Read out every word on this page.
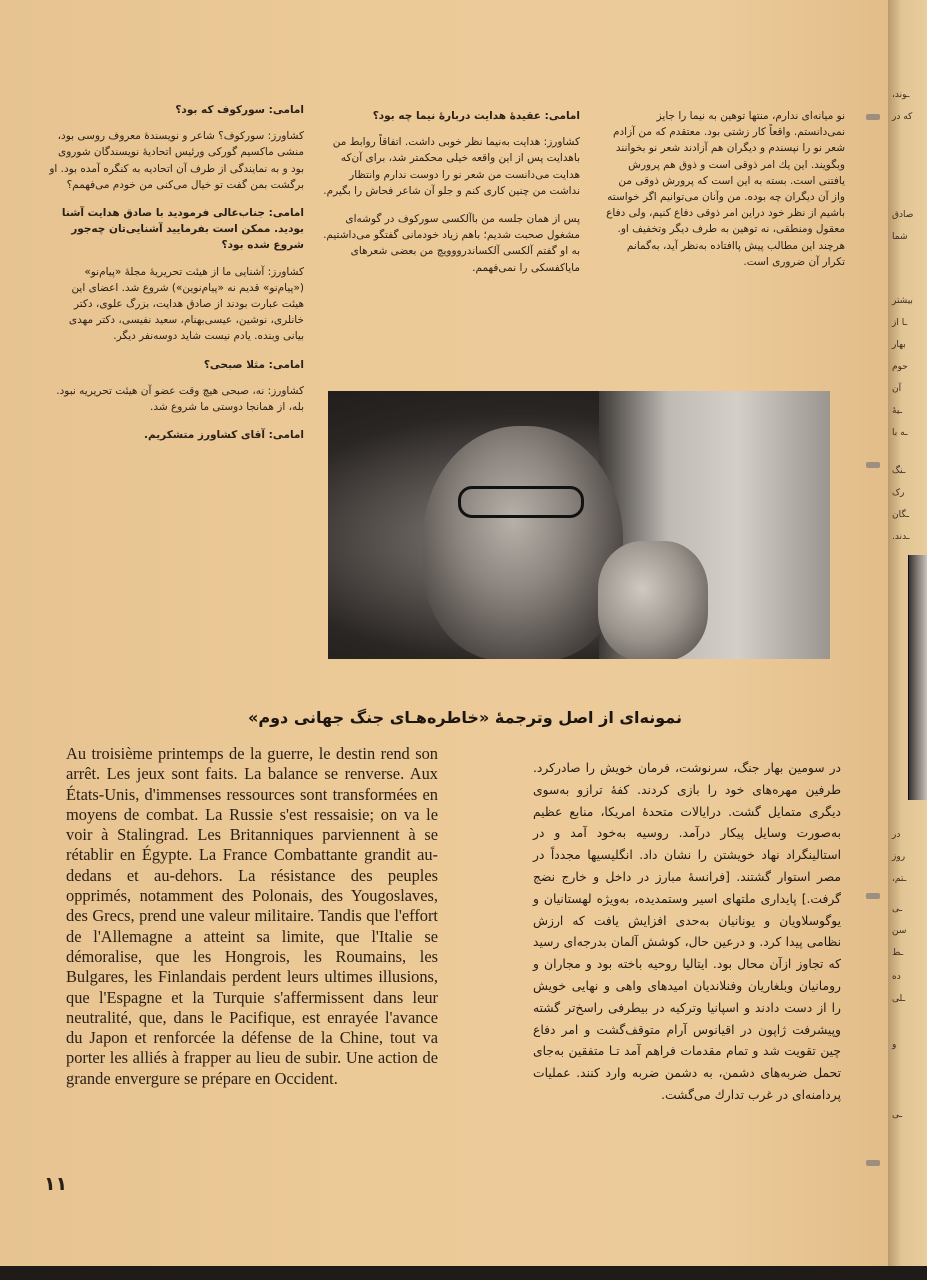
نو میانه‌ای ندارم، منتها توهین به نیما را جایز نمی‌دانستم. واقعاً کار زشتی بود. معتقدم که من آزادم شعر نو را نپسندم و دیگران هم آزادند شعر نو بخوانند وبگویند. این یك امر ذوقی است و ذوق هم پرورش یافتنی است. بسته به این است که پرورش ذوقی من واز آن دیگران چه بوده. من وآنان می‌توانیم اگر خواسته باشیم از نظر خود دراین امر ذوقی دفاع کنیم، ولی دفاع معقول ومنطقی، نه توهین به طرف دیگر وتخفیف او. هرچند این مطالب پیش پاافتاده به‌نظر آید، به‌گمانم تکرار آن ضروری است.

امامی: عقیدهٔ هدایت دربارهٔ نیما چه بود؟

کشاورز: هدایت به‌نیما نظر خوبی داشت. اتفاقاً روابط من باهدایت پس از این واقعه خیلی محکمتر شد، برای آن‌که هدایت می‌دانست من شعر نو را دوست ندارم وانتظار نداشت من چنین کاری کنم و جلو آن شاعر فحاش را بگیرم.

پس از همان جلسه من باآلکسی سورکوف در گوشه‌ای مشغول صحبت شدیم؛ باهم زیاد خودمانی گفتگو می‌داشتیم. به او گفتم آلکسی آلکساندرووویچ من بعضی شعرهای مایاکفسکی را نمی‌فهمم.

امامی: سورکوف که بود؟

کشاورز: سورکوف؟ شاعر و نویسندهٔ معروف روسی بود، منشی ماکسیم گورکی ورئیس اتحادیهٔ نویسندگان شوروی بود و به نمایندگی از طرف آن اتحادیه به کنگره آمده بود. او برگشت بمن گفت تو خیال می‌کنی من خودم می‌فهمم؟

امامی: جناب‌عالی فرمودید با صادق هدایت آشنا بودید. ممکن است بفرمایید آشنایی‌تان چه‌جور شروع شده بود؟

کشاورز: آشنایی ما از هیئت تحریریهٔ مجلهٔ «پیام‌نو» («پیام‌نو» قدیم نه «پیام‌نوین») شروع شد. اعضای این هیئت عبارت بودند از صادق هدایت، بزرگ علوی، دکتر خانلری، نوشین، عیسی‌بهنام، سعید نفیسی، دکتر مهدی بیانی وبنده. یادم نیست شاید دوسه‌نفر دیگر.

امامی: مثلا صبحی؟

کشاورز: نه، صبحی هیچ وقت عضو آن هیئت تحریریه نبود. بله، از همانجا دوستی ما شروع شد.

امامی: آقای کشاورز متشکریم.

نمونه‌ای از اصل وترجمهٔ «خاطره‌هـای جنگ جهانی دوم»
Au troisième printemps de la guerre, le destin rend son arrêt. Les jeux sont faits. La balance se renverse. Aux États-Unis, d'immenses ressources sont transformées en moyens de combat. La Russie s'est ressaisie; on va le voir à Stalingrad. Les Britanniques parviennent à se rétablir en Égypte. La France Combattante grandit au-dedans et au-dehors. La résistance des peuples opprimés, notamment des Polonais, des Yougoslaves, des Grecs, prend une valeur militaire. Tandis que l'effort de l'Allemagne a atteint sa limite, que l'Italie se démoralise, que les Hongrois, les Roumains, les Bulgares, les Finlandais perdent leurs ultimes illusions, que l'Espagne et la Turquie s'affermissent dans leur neutralité, que, dans le Pacifique, est enrayée l'avance du Japon et renforcée la défense de la Chine, tout va porter les alliés à frapper au lieu de subir. Une action de grande envergure se prépare en Occident.
در سومین بهار جنگ، سرنوشت، فرمان خویش را صادرکرد. طرفین مهره‌های خود را بازی کردند. کفهٔ ترازو به‌سوی دیگری متمایل گشت. درایالات متحدهٔ امریکا، منابع عظیم به‌صورت وسایل پیکار درآمد. روسیه به‌خود آمد و در استالینگراد نهاد خویشتن را نشان داد. انگلیسیها مجدداً در مصر استوار گشتند. [فرانسهٔ مبارز در داخل و خارج نضج گرفت.] پایداری ملتهای اسیر وستمدیده، به‌ویژه لهستانیان و یوگوسلاویان و یونانیان به‌حدی افزایش یافت که ارزش نظامی پیدا کرد. و درعین حال، کوشش آلمان بدرجه‌ای رسید که تجاوز ازآن محال بود. ایتالیا روحیه باخته بود و مجاران و رومانیان وبلغاریان وفنلاندیان امیدهای واهی و نهایی خویش را از دست دادند و اسپانیا وترکیه در بیطرفی راسخ‌تر گشته وپیشرفت ژاپون در اقیانوس آرام متوقف‌گشت و امر دفاع چین تقویت شد و تمام مقدمات فراهم آمد تـا متفقین به‌جای تحمل ضربه‌های دشمن، به دشمن ضربه وارد کنند. عملیات پردامنه‌ای در غرب تدارك می‌گشت.
۱۱
ـوند،
که در
صادق
شما
بیشتر
ـا از
بهار
حوم
آن
ـیهٔ
ـه با
ـنگ
رک
ـگان
ـدند.
در
روز
ـتم،
ـی
سن
ـط
ده
ـلی
و
ـی
